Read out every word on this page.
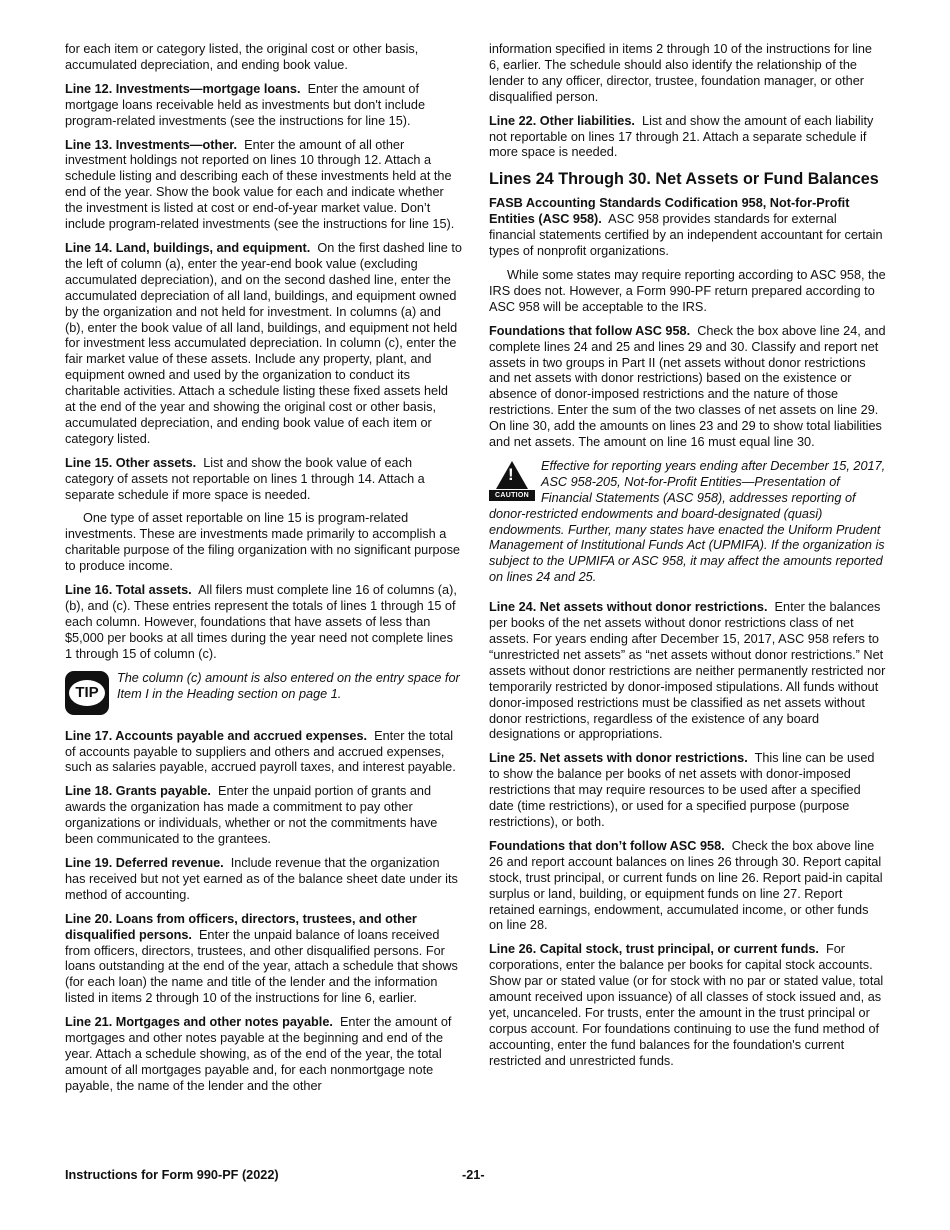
for each item or category listed, the original cost or other basis, accumulated depreciation, and ending book value.

Line 12. Investments—mortgage loans. Enter the amount of mortgage loans receivable held as investments but don't include program-related investments (see the instructions for line 15).

Line 13. Investments—other. Enter the amount of all other investment holdings not reported on lines 10 through 12. Attach a schedule listing and describing each of these investments held at the end of the year. Show the book value for each and indicate whether the investment is listed at cost or end-of-year market value. Don’t include program-related investments (see the instructions for line 15).

Line 14. Land, buildings, and equipment. On the first dashed line to the left of column (a), enter the year-end book value (excluding accumulated depreciation), and on the second dashed line, enter the accumulated depreciation of all land, buildings, and equipment owned by the organization and not held for investment. In columns (a) and (b), enter the book value of all land, buildings, and equipment not held for investment less accumulated depreciation. In column (c), enter the fair market value of these assets. Include any property, plant, and equipment owned and used by the organization to conduct its charitable activities. Attach a schedule listing these fixed assets held at the end of the year and showing the original cost or other basis, accumulated depreciation, and ending book value of each item or category listed.

Line 15. Other assets. List and show the book value of each category of assets not reportable on lines 1 through 14. Attach a separate schedule if more space is needed.

One type of asset reportable on line 15 is program-related investments. These are investments made primarily to accomplish a charitable purpose of the filing organization with no significant purpose to produce income.

Line 16. Total assets. All filers must complete line 16 of columns (a), (b), and (c). These entries represent the totals of lines 1 through 15 of each column. However, foundations that have assets of less than $5,000 per books at all times during the year need not complete lines 1 through 15 of column (c).

TIP
The column (c) amount is also entered on the entry space for Item I in the Heading section on page 1.

Line 17. Accounts payable and accrued expenses. Enter the total of accounts payable to suppliers and others and accrued expenses, such as salaries payable, accrued payroll taxes, and interest payable.

Line 18. Grants payable. Enter the unpaid portion of grants and awards the organization has made a commitment to pay other organizations or individuals, whether or not the commitments have been communicated to the grantees.

Line 19. Deferred revenue. Include revenue that the organization has received but not yet earned as of the balance sheet date under its method of accounting.

Line 20. Loans from officers, directors, trustees, and other disqualified persons. Enter the unpaid balance of loans received from officers, directors, trustees, and other disqualified persons. For loans outstanding at the end of the year, attach a schedule that shows (for each loan) the name and title of the lender and the information listed in items 2 through 10 of the instructions for line 6, earlier.

Line 21. Mortgages and other notes payable. Enter the amount of mortgages and other notes payable at the beginning and end of the year. Attach a schedule showing, as of the end of the year, the total amount of all mortgages payable and, for each nonmortgage note payable, the name of the lender and the other

information specified in items 2 through 10 of the instructions for line 6, earlier. The schedule should also identify the relationship of the lender to any officer, director, trustee, foundation manager, or other disqualified person.

Line 22. Other liabilities. List and show the amount of each liability not reportable on lines 17 through 21. Attach a separate schedule if more space is needed.

Lines 24 Through 30. Net Assets or Fund Balances

FASB Accounting Standards Codification 958, Not-for-Profit Entities (ASC 958). ASC 958 provides standards for external financial statements certified by an independent accountant for certain types of nonprofit organizations.

While some states may require reporting according to ASC 958, the IRS does not. However, a Form 990-PF return prepared according to ASC 958 will be acceptable to the IRS.

Foundations that follow ASC 958. Check the box above line 24, and complete lines 24 and 25 and lines 29 and 30. Classify and report net assets in two groups in Part II (net assets without donor restrictions and net assets with donor restrictions) based on the existence or absence of donor-imposed restrictions and the nature of those restrictions. Enter the sum of the two classes of net assets on line 29. On line 30, add the amounts on lines 23 and 29 to show total liabilities and net assets. The amount on line 16 must equal line 30.

!
CAUTION
Effective for reporting years ending after December 15, 2017, ASC 958-205, Not-for-Profit Entities—Presentation of Financial Statements (ASC 958), addresses reporting of donor-restricted endowments and board-designated (quasi) endowments. Further, many states have enacted the Uniform Prudent Management of Institutional Funds Act (UPMIFA). If the organization is subject to the UPMIFA or ASC 958, it may affect the amounts reported on lines 24 and 25.

Line 24. Net assets without donor restrictions. Enter the balances per books of the net assets without donor restrictions class of net assets. For years ending after December 15, 2017, ASC 958 refers to “unrestricted net assets” as “net assets without donor restrictions.” Net assets without donor restrictions are neither permanently restricted nor temporarily restricted by donor-imposed stipulations. All funds without donor-imposed restrictions must be classified as net assets without donor restrictions, regardless of the existence of any board designations or appropriations.

Line 25. Net assets with donor restrictions. This line can be used to show the balance per books of net assets with donor-imposed restrictions that may require resources to be used after a specified date (time restrictions), or used for a specified purpose (purpose restrictions), or both.

Foundations that don’t follow ASC 958. Check the box above line 26 and report account balances on lines 26 through 30. Report capital stock, trust principal, or current funds on line 26. Report paid-in capital surplus or land, building, or equipment funds on line 27. Report retained earnings, endowment, accumulated income, or other funds on line 28.

Line 26. Capital stock, trust principal, or current funds. For corporations, enter the balance per books for capital stock accounts. Show par or stated value (or for stock with no par or stated value, total amount received upon issuance) of all classes of stock issued and, as yet, uncanceled. For trusts, enter the amount in the trust principal or corpus account. For foundations continuing to use the fund method of accounting, enter the fund balances for the foundation's current restricted and unrestricted funds.

Instructions for Form 990-PF (2022)	-21-
